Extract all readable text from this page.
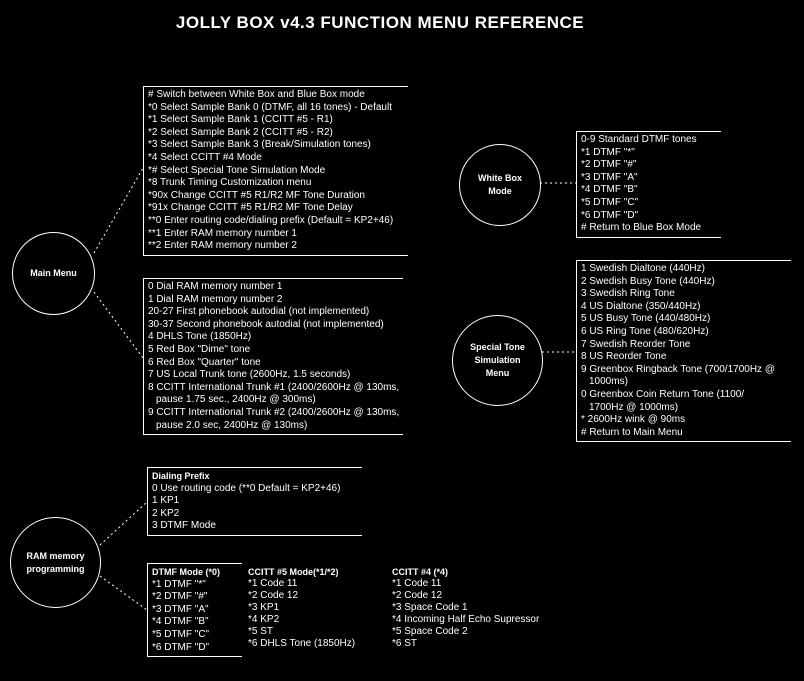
JOLLY BOX v4.3 FUNCTION MENU REFERENCE
Main Menu
White Box
Mode
Special Tone
Simulation
Menu
RAM memory
programming
# Switch between White Box and Blue Box mode
*0 Select Sample Bank 0 (DTMF, all 16 tones) - Default
*1 Select Sample Bank 1 (CCITT #5 - R1)
*2 Select Sample Bank 2 (CCITT #5 - R2)
*3 Select Sample Bank 3 (Break/Simulation tones)
*4 Select CCITT #4 Mode
*# Select Special Tone Simulation Mode
*8 Trunk Timing Customization menu
*90x Change CCITT #5 R1/R2 MF Tone Duration
*91x Change CCITT #5 R1/R2 MF Tone Delay
**0 Enter routing code/dialing prefix (Default = KP2+46)
**1 Enter RAM memory number 1
**2 Enter RAM memory number 2
0 Dial RAM memory number 1
1 Dial RAM memory number 2
20-27 First phonebook autodial (not implemented)
30-37 Second phonebook autodial (not implemented)
4 DHLS Tone (1850Hz)
5 Red Box "Dime" tone
6 Red Box "Quarter" tone
7 US Local Trunk tone (2600Hz, 1.5 seconds)
8 CCITT International Trunk #1 (2400/2600Hz @ 130ms,
pause 1.75 sec., 2400Hz @ 300ms)
9 CCITT International Trunk #2 (2400/2600Hz @ 130ms,
pause 2.0 sec, 2400Hz @ 130ms)
0-9 Standard DTMF tones
*1 DTMF "*"
*2 DTMF "#"
*3 DTMF "A"
*4 DTMF "B"
*5 DTMF "C"
*6 DTMF "D"
# Return to Blue Box Mode
1 Swedish Dialtone (440Hz)
2 Swedish Busy Tone (440Hz)
3 Swedish Ring Tone
4 US Dialtone (350/440Hz)
5 US Busy Tone (440/480Hz)
6 US Ring Tone (480/620Hz)
7 Swedish Reorder Tone
8 US Reorder Tone
9 Greenbox Ringback Tone (700/1700Hz @
1000ms)
0 Greenbox Coin Return Tone (1100/
1700Hz @ 1000ms)
* 2600Hz wink @ 90ms
# Return to Main Menu
Dialing Prefix
0 Use routing code (**0 Default = KP2+46)
1 KP1
2 KP2
3 DTMF Mode
DTMF Mode (*0)
*1 DTMF "*"
*2 DTMF "#"
*3 DTMF "A"
*4 DTMF "B"
*5 DTMF "C"
*6 DTMF "D"
CCITT #5 Mode(*1/*2)
*1 Code 11
*2 Code 12
*3 KP1
*4 KP2
*5 ST
*6 DHLS Tone (1850Hz)
CCITT #4 (*4)
*1 Code 11
*2 Code 12
*3 Space Code 1
*4 Incoming Half Echo Supressor
*5 Space Code 2
*6 ST
